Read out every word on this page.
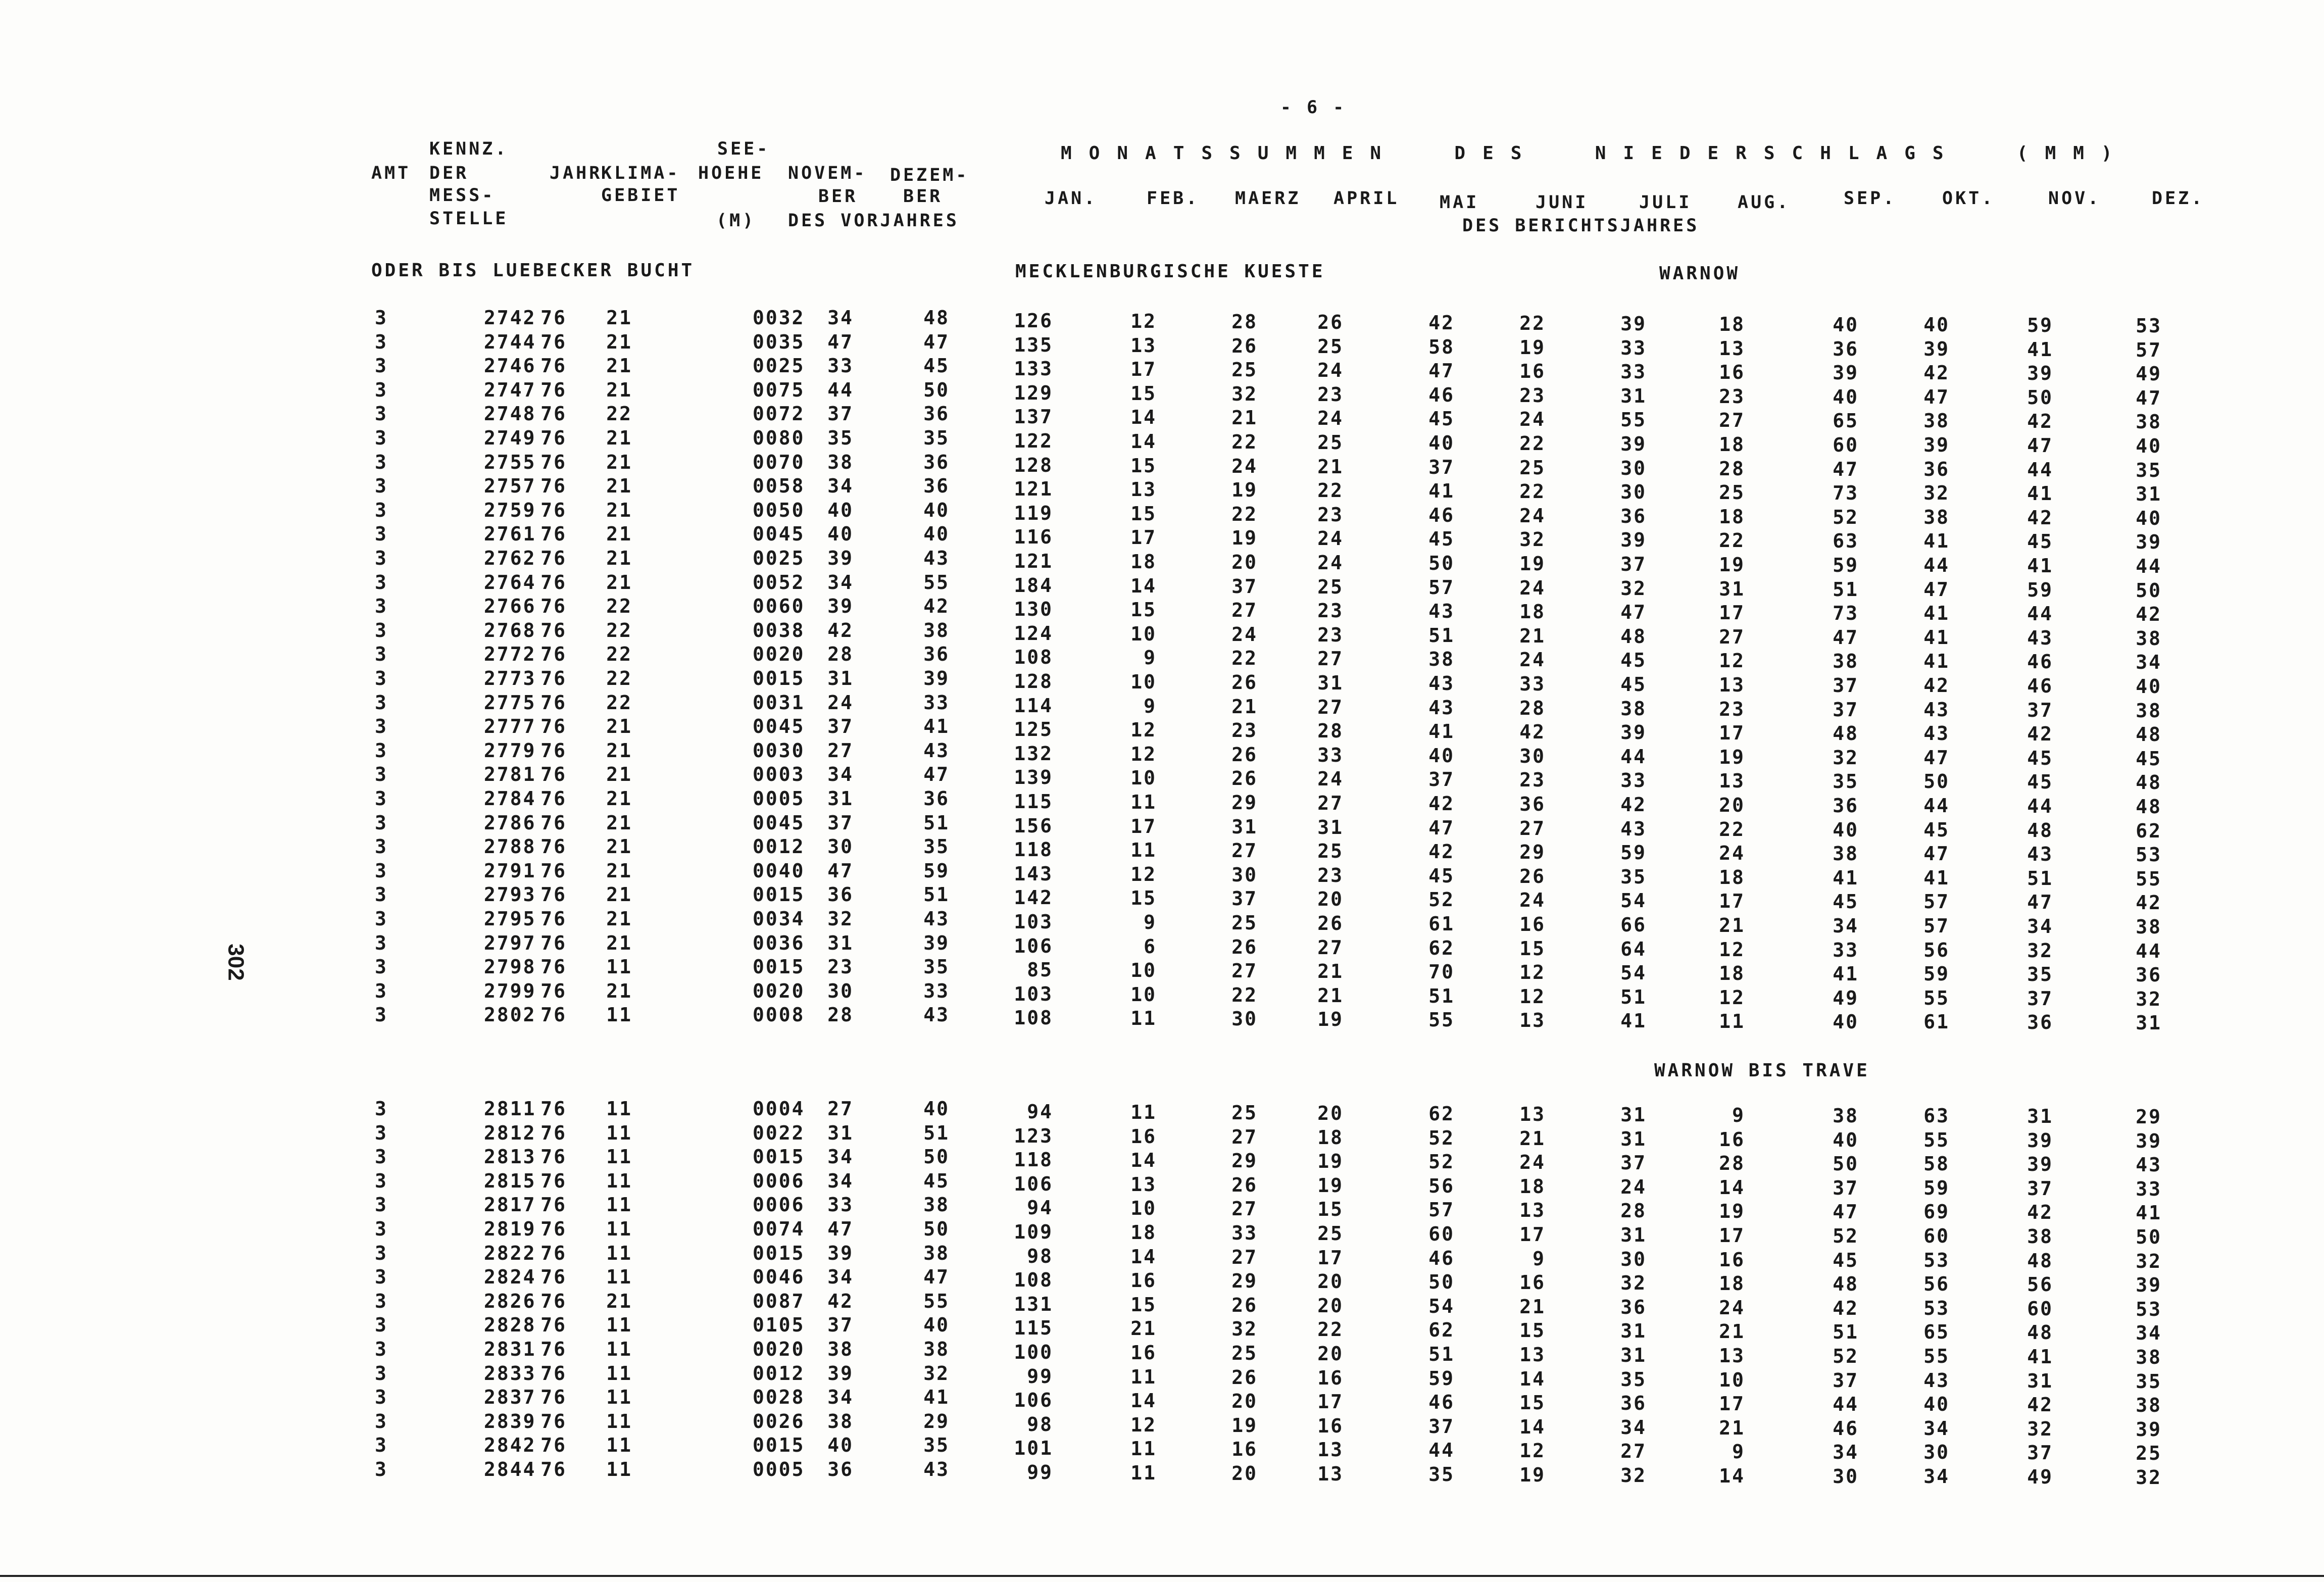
302
- 6 -
KENNZ.
AMT DER
MESS-
STELLE
JAHR
KLIMA-
GEBIET
SEE-
HOEHE
(M)
NOVEM-
BER
DEZEM-
BER
DES VORJAHRES
MONATSSUMMEN  DES  NIEDERSCHLAGS  (MM)
JAN.	FEB. MAERZ APRIL MAI	JUNI	JULI	AUG.	SEP.	OKT.	NOV.	DEZ.
DES BERICHTSJAHRES
ODER BIS LUEBECKER BUCHT	MECKLENBURGISCHE KUESTE	WARNOW
3	2742 76 21	0032 34	48	126	12	28	26	42	22	39	18	40	40	59	53
3	2744 76 21	0035 47	47	135	13	26	25	58	19	33	13	36	39	41	57
3	2746 76 21	0025 33	45	133	17	25	24	47	16	33	16	39	42	39	49
3	2747 76 21	0075 44	50	129	15	32	23	46	23	31	23	40	47	50	47
3	2748 76 22	0072 37	36	137	14	21	24	45	24	55	27	65	38	42	38
3	2749 76 21	0080 35	35	122	14	22	25	40	22	39	18	60	39	47	40
3	2755 76 21	0070 38	36	128	15	24	21	37	25	30	28	47	36	44	35
3	2757 76 21	0058 34	36	121	13	19	22	41	22	30	25	73	32	41	31
3	2759 76 21	0050 40	40	119	15	22	23	46	24	36	18	52	38	42	40
3	2761 76 21	0045 40	40	116	17	19	24	45	32	39	22	63	41	45	39
3	2762 76 21	0025 39	43	121	18	20	24	50	19	37	19	59	44	41	44
3	2764 76 21	0052 34	55	184	14	37	25	57	24	32	31	51	47	59	50
3	2766 76 22	0060 39	42	130	15	27	23	43	18	47	17	73	41	44	42
3	2768 76 22	0038 42	38	124	10	24	23	51	21	48	27	47	41	43	38
3	2772 76 22	0020 28	36	108	9	22	27	38	24	45	12	38	41	46	34
3	2773 76 22	0015 31	39	128	10	26	31	43	33	45	13	37	42	46	40
3	2775 76 22	0031 24	33	114	9	21	27	43	28	38	23	37	43	37	38
3	2777 76 21	0045 37	41	125	12	23	28	41	42	39	17	48	43	42	48
3	2779 76 21	0030 27	43	132	12	26	33	40	30	44	19	32	47	45	45
3	2781 76 21	0003 34	47	139	10	26	24	37	23	33	13	35	50	45	48
3	2784 76 21	0005 31	36	115	11	29	27	42	36	42	20	36	44	44	48
3	2786 76 21	0045 37	51	156	17	31	31	47	27	43	22	40	45	48	62
3	2788 76 21	0012 30	35	118	11	27	25	42	29	59	24	38	47	43	53
3	2791 76 21	0040 47	59	143	12	30	23	45	26	35	18	41	41	51	55
3	2793 76 21	0015 36	51	142	15	37	20	52	24	54	17	45	57	47	42
3	2795 76 21	0034 32	43	103	9	25	26	61	16	66	21	34	57	34	38
3	2797 76 21	0036 31	39	106	6	26	27	62	15	64	12	33	56	32	44
3	2798 76 11	0015 23	35	85	10	27	21	70	12	54	18	41	59	35	36
3	2799 76 21	0020 30	33	103	10	22	21	51	12	51	12	49	55	37	32
3	2802 76 11	0008 28	43	108	11	30	19	55	13	41	11	40	61	36	31
WARNOW BIS TRAVE
3	2811 76 11	0004 27	40	94	11	25	20	62	13	31	9	38	63	31	29
3	2812 76 11	0022 31	51	123	16	27	18	52	21	31	16	40	55	39	39
3	2813 76 11	0015 34	50	118	14	29	19	52	24	37	28	50	58	39	43
3	2815 76 11	0006 34	45	106	13	26	19	56	18	24	14	37	59	37	33
3	2817 76 11	0006 33	38	94	10	27	15	57	13	28	19	47	69	42	41
3	2819 76 11	0074 47	50	109	18	33	25	60	17	31	17	52	60	38	50
3	2822 76 11	0015 39	38	98	14	27	17	46	9	30	16	45	53	48	32
3	2824 76 11	0046 34	47	108	16	29	20	50	16	32	18	48	56	56	39
3	2826 76 21	0087 42	55	131	15	26	20	54	21	36	24	42	53	60	53
3	2828 76 11	0105 37	40	115	21	32	22	62	15	31	21	51	65	48	34
3	2831 76 11	0020 38	38	100	16	25	20	51	13	31	13	52	55	41	38
3	2833 76 11	0012 39	32	99	11	26	16	59	14	35	10	37	43	31	35
3	2837 76 11	0028 34	41	106	14	20	17	46	15	36	17	44	40	42	38
3	2839 76 11	0026 38	29	98	12	19	16	37	14	34	21	46	34	32	39
3	2842 76 11	0015 40	35	101	11	16	13	44	12	27	9	34	30	37	25
3	2844 76 11	0005 36	43	99	11	20	13	35	19	32	14	30	34	49	32
